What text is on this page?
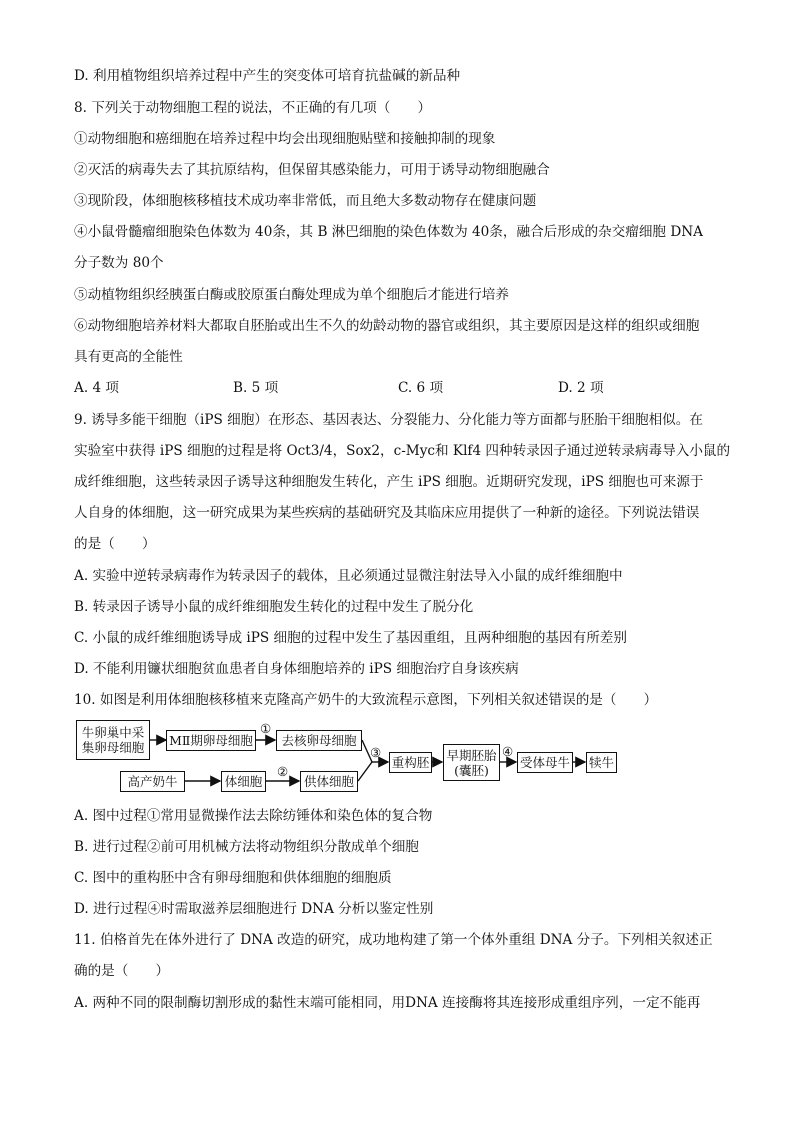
D. 利用植物组织培养过程中产生的突变体可培育抗盐碱的新品种
8. 下列关于动物细胞工程的说法，不正确的有几项（　　）
①动物细胞和癌细胞在培养过程中均会出现细胞贴壁和接触抑制的现象
②灭活的病毒失去了其抗原结构，但保留其感染能力，可用于诱导动物细胞融合
③现阶段，体细胞核移植技术成功率非常低，而且绝大多数动物存在健康问题
④小鼠骨髓瘤细胞染色体数为 40条，其 B 淋巴细胞的染色体数为 40条，融合后形成的杂交瘤细胞 DNA
分子数为 80个
⑤动植物组织经胰蛋白酶或胶原蛋白酶处理成为单个细胞后才能进行培养
⑥动物细胞培养材料大都取自胚胎或出生不久的幼龄动物的器官或组织，其主要原因是这样的组织或细胞
具有更高的全能性
A. 4 项	B. 5 项	C. 6 项	D. 2 项
9. 诱导多能干细胞（iPS 细胞）在形态、基因表达、分裂能力、分化能力等方面都与胚胎干细胞相似。在
实验室中获得 iPS 细胞的过程是将 Oct3/4，Sox2，c-Myc和 Klf4 四种转录因子通过逆转录病毒导入小鼠的
成纤维细胞，这些转录因子诱导这种细胞发生转化，产生 iPS 细胞。近期研究发现，iPS 细胞也可来源于
人自身的体细胞，这一研究成果为某些疾病的基础研究及其临床应用提供了一种新的途径。下列说法错误
的是（　　）
A. 实验中逆转录病毒作为转录因子的载体，且必须通过显微注射法导入小鼠的成纤维细胞中
B. 转录因子诱导小鼠的成纤维细胞发生转化的过程中发生了脱分化
C. 小鼠的成纤维细胞诱导成 iPS 细胞的过程中发生了基因重组，且两种细胞的基因有所差别
D. 不能利用镰状细胞贫血患者自身体细胞培养的 iPS 细胞治疗自身该疾病
10. 如图是利用体细胞核移植来克隆高产奶牛的大致流程示意图，下列相关叙述错误的是（　　）
牛卵巢中采
集卵母细胞 MⅡ期卵母细胞 去核卵母细胞
高产奶牛	体细胞	供体细胞
重构胚 早期胚胎
(囊胚) 受体母牛 犊牛
①
②
③	④
A. 图中过程①常用显微操作法去除纺锤体和染色体的复合物
B. 进行过程②前可用机械方法将动物组织分散成单个细胞
C. 图中的重构胚中含有卵母细胞和供体细胞的细胞质
D. 进行过程④时需取滋养层细胞进行 DNA 分析以鉴定性别
11. 伯格首先在体外进行了 DNA 改造的研究，成功地构建了第一个体外重组 DNA 分子。下列相关叙述正
确的是（　　）
A. 两种不同的限制酶切割形成的黏性末端可能相同，用DNA 连接酶将其连接形成重组序列，一定不能再
